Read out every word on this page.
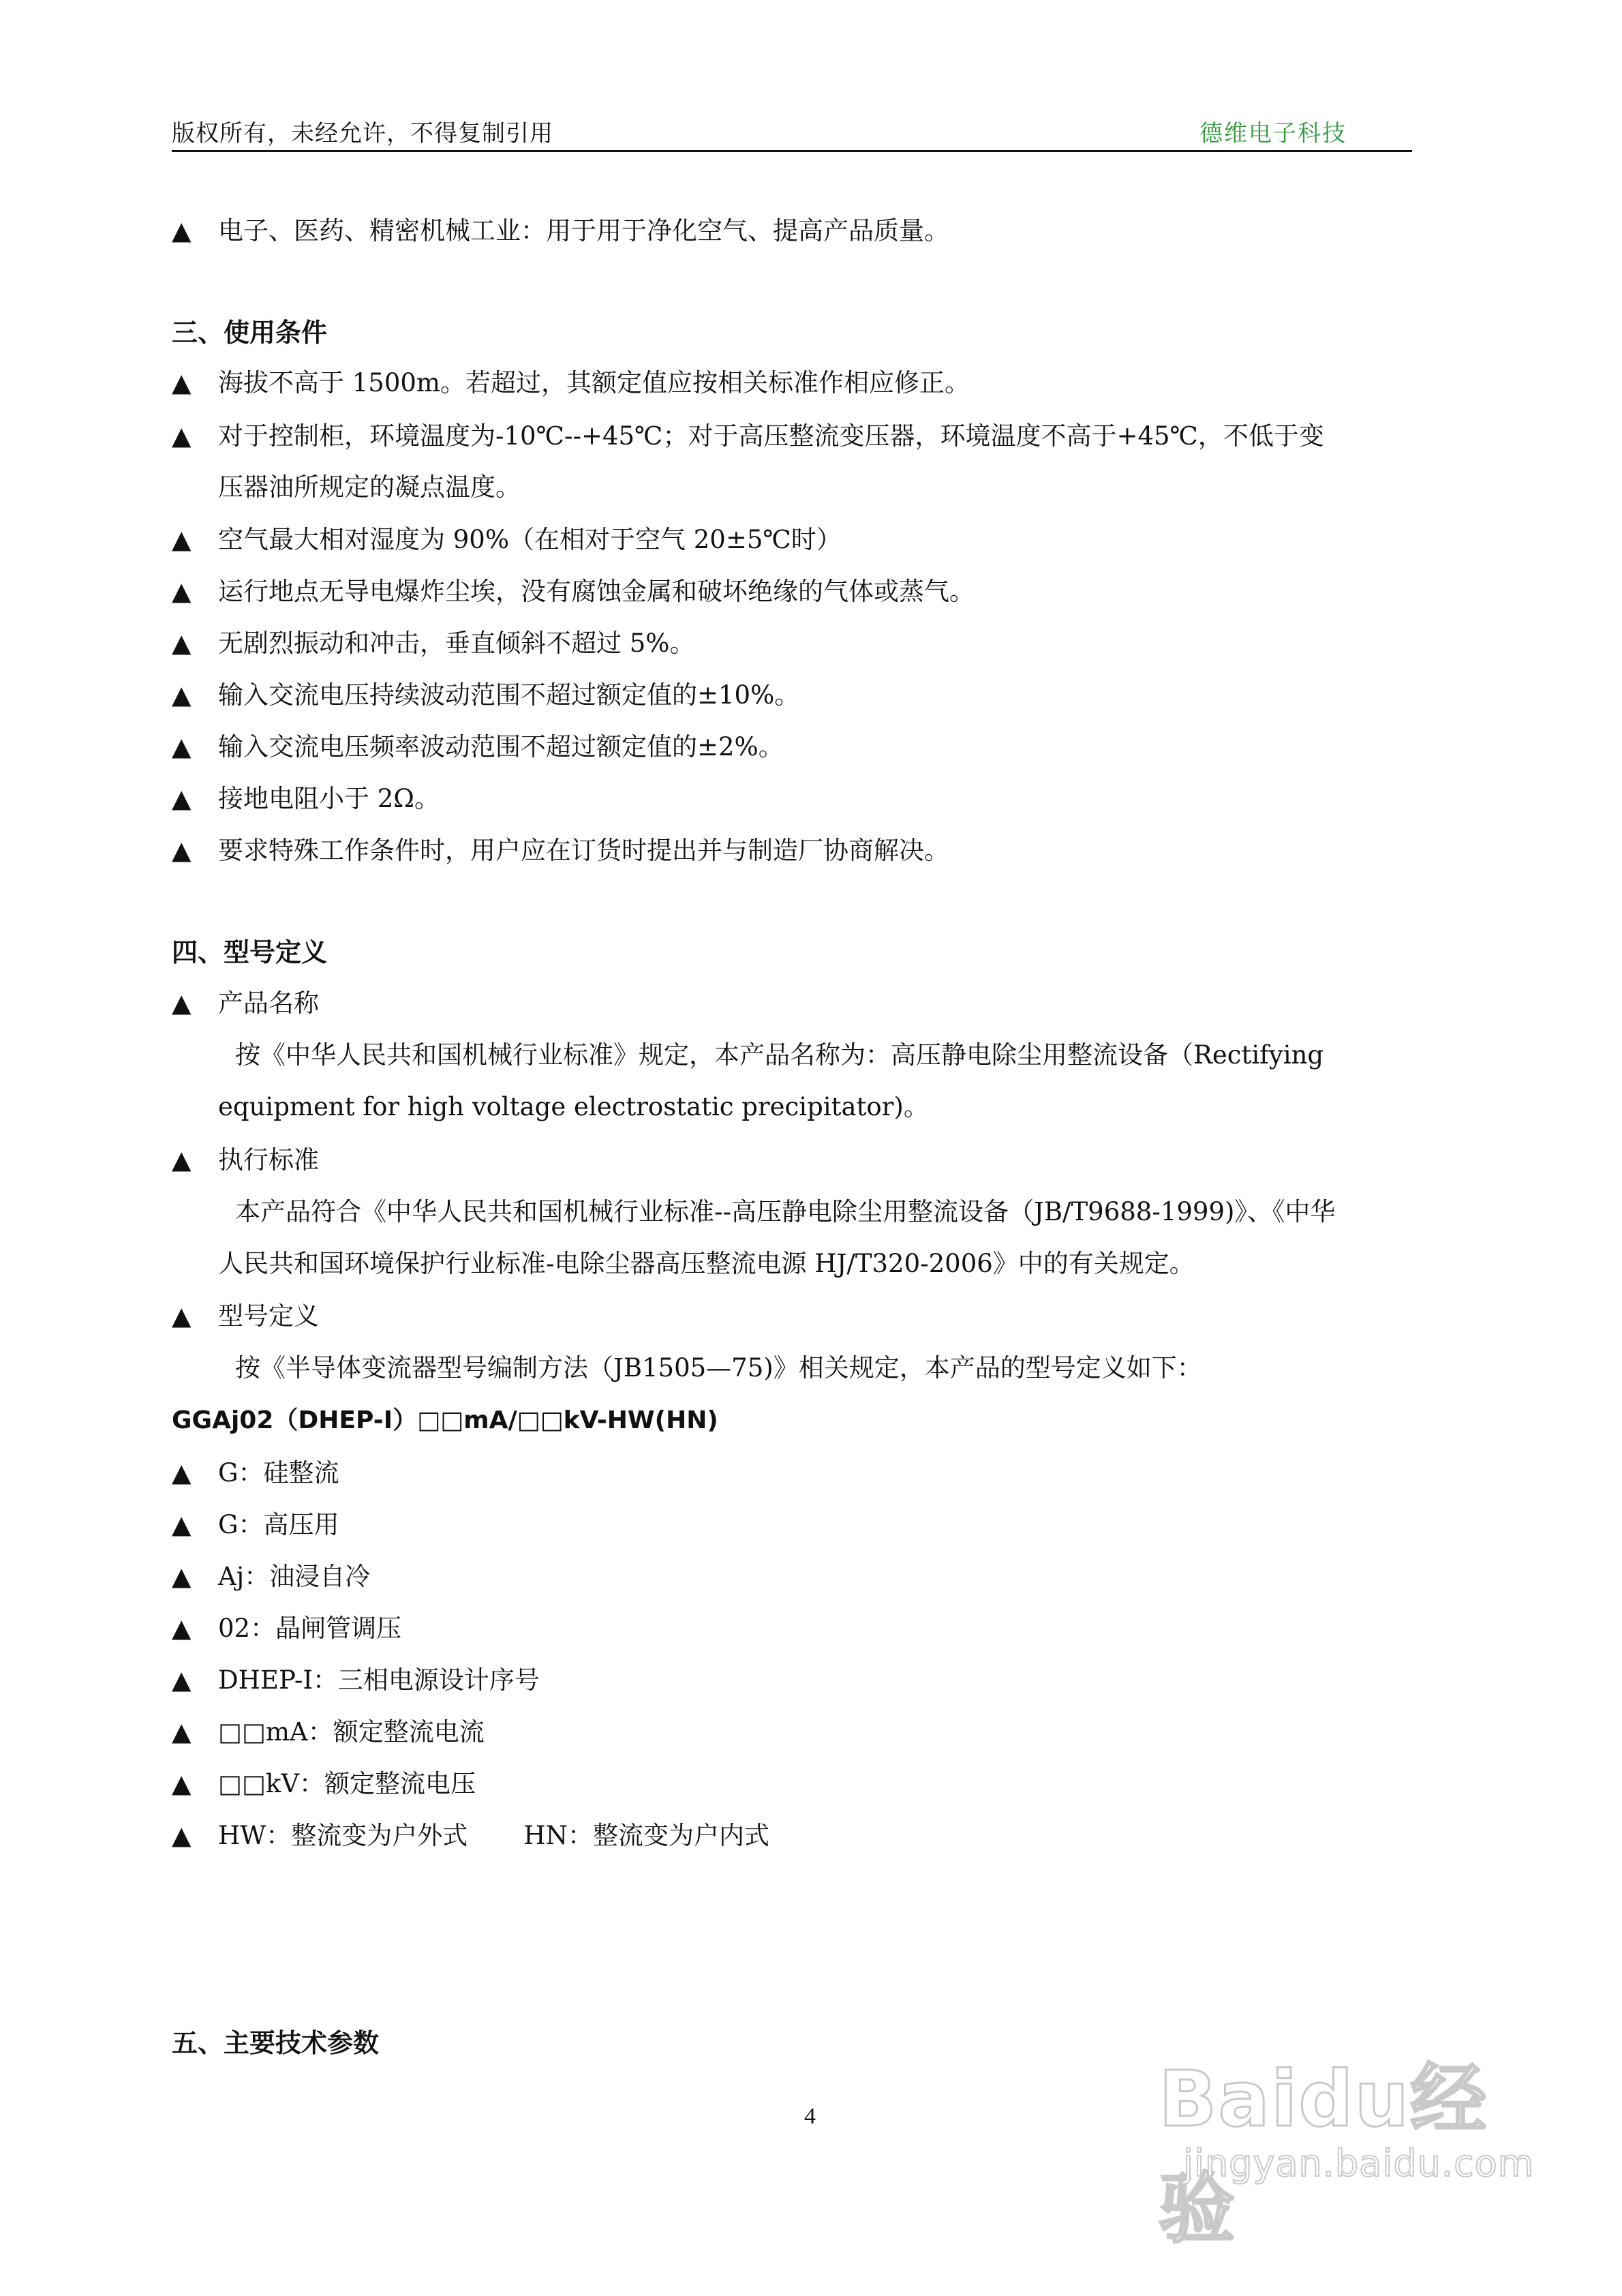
版权所有，未经允许，不得复制引用	德维电子科技
▲ 电子、医药、精密机械工业：用于用于净化空气、提高产品质量。
三、使用条件
▲ 海拔不高于 1500m。若超过，其额定值应按相关标准作相应修正。
▲ 对于控制柜，环境温度为-10℃--+45℃；对于高压整流变压器，环境温度不高于+45℃，不低于变
压器油所规定的凝点温度。
▲ 空气最大相对湿度为 90%（在相对于空气 20±5℃时）
▲ 运行地点无导电爆炸尘埃，没有腐蚀金属和破坏绝缘的气体或蒸气。
▲ 无剧烈振动和冲击，垂直倾斜不超过 5%。
▲ 输入交流电压持续波动范围不超过额定值的±10%。
▲ 输入交流电压频率波动范围不超过额定值的±2%。
▲ 接地电阻小于 2Ω。
▲ 要求特殊工作条件时，用户应在订货时提出并与制造厂协商解决。
四、型号定义
▲ 产品名称
按《中华人民共和国机械行业标准》规定，本产品名称为：高压静电除尘用整流设备（Rectifying
equipment for high voltage electrostatic precipitator)。
▲ 执行标准
本产品符合《中华人民共和国机械行业标准--高压静电除尘用整流设备（JB/T9688-1999)》、《中华
人民共和国环境保护行业标准-电除尘器高压整流电源 HJ/T320-2006》中的有关规定。
▲ 型号定义
按《半导体变流器型号编制方法（JB1505—75)》相关规定，本产品的型号定义如下：
GGAj02（DHEP-Ⅰ）□□mA/□□kV-HW(HN)
▲ G：硅整流
▲ G：高压用
▲ Aj：油浸自冷
▲ 02：晶闸管调压
▲ DHEP-I：三相电源设计序号
▲ □□mA：额定整流电流
▲ □□kV：额定整流电压
▲ HW：整流变为户外式 HN：整流变为户内式
五、主要技术参数
4	Baidu经验
jingyan.baidu.com
